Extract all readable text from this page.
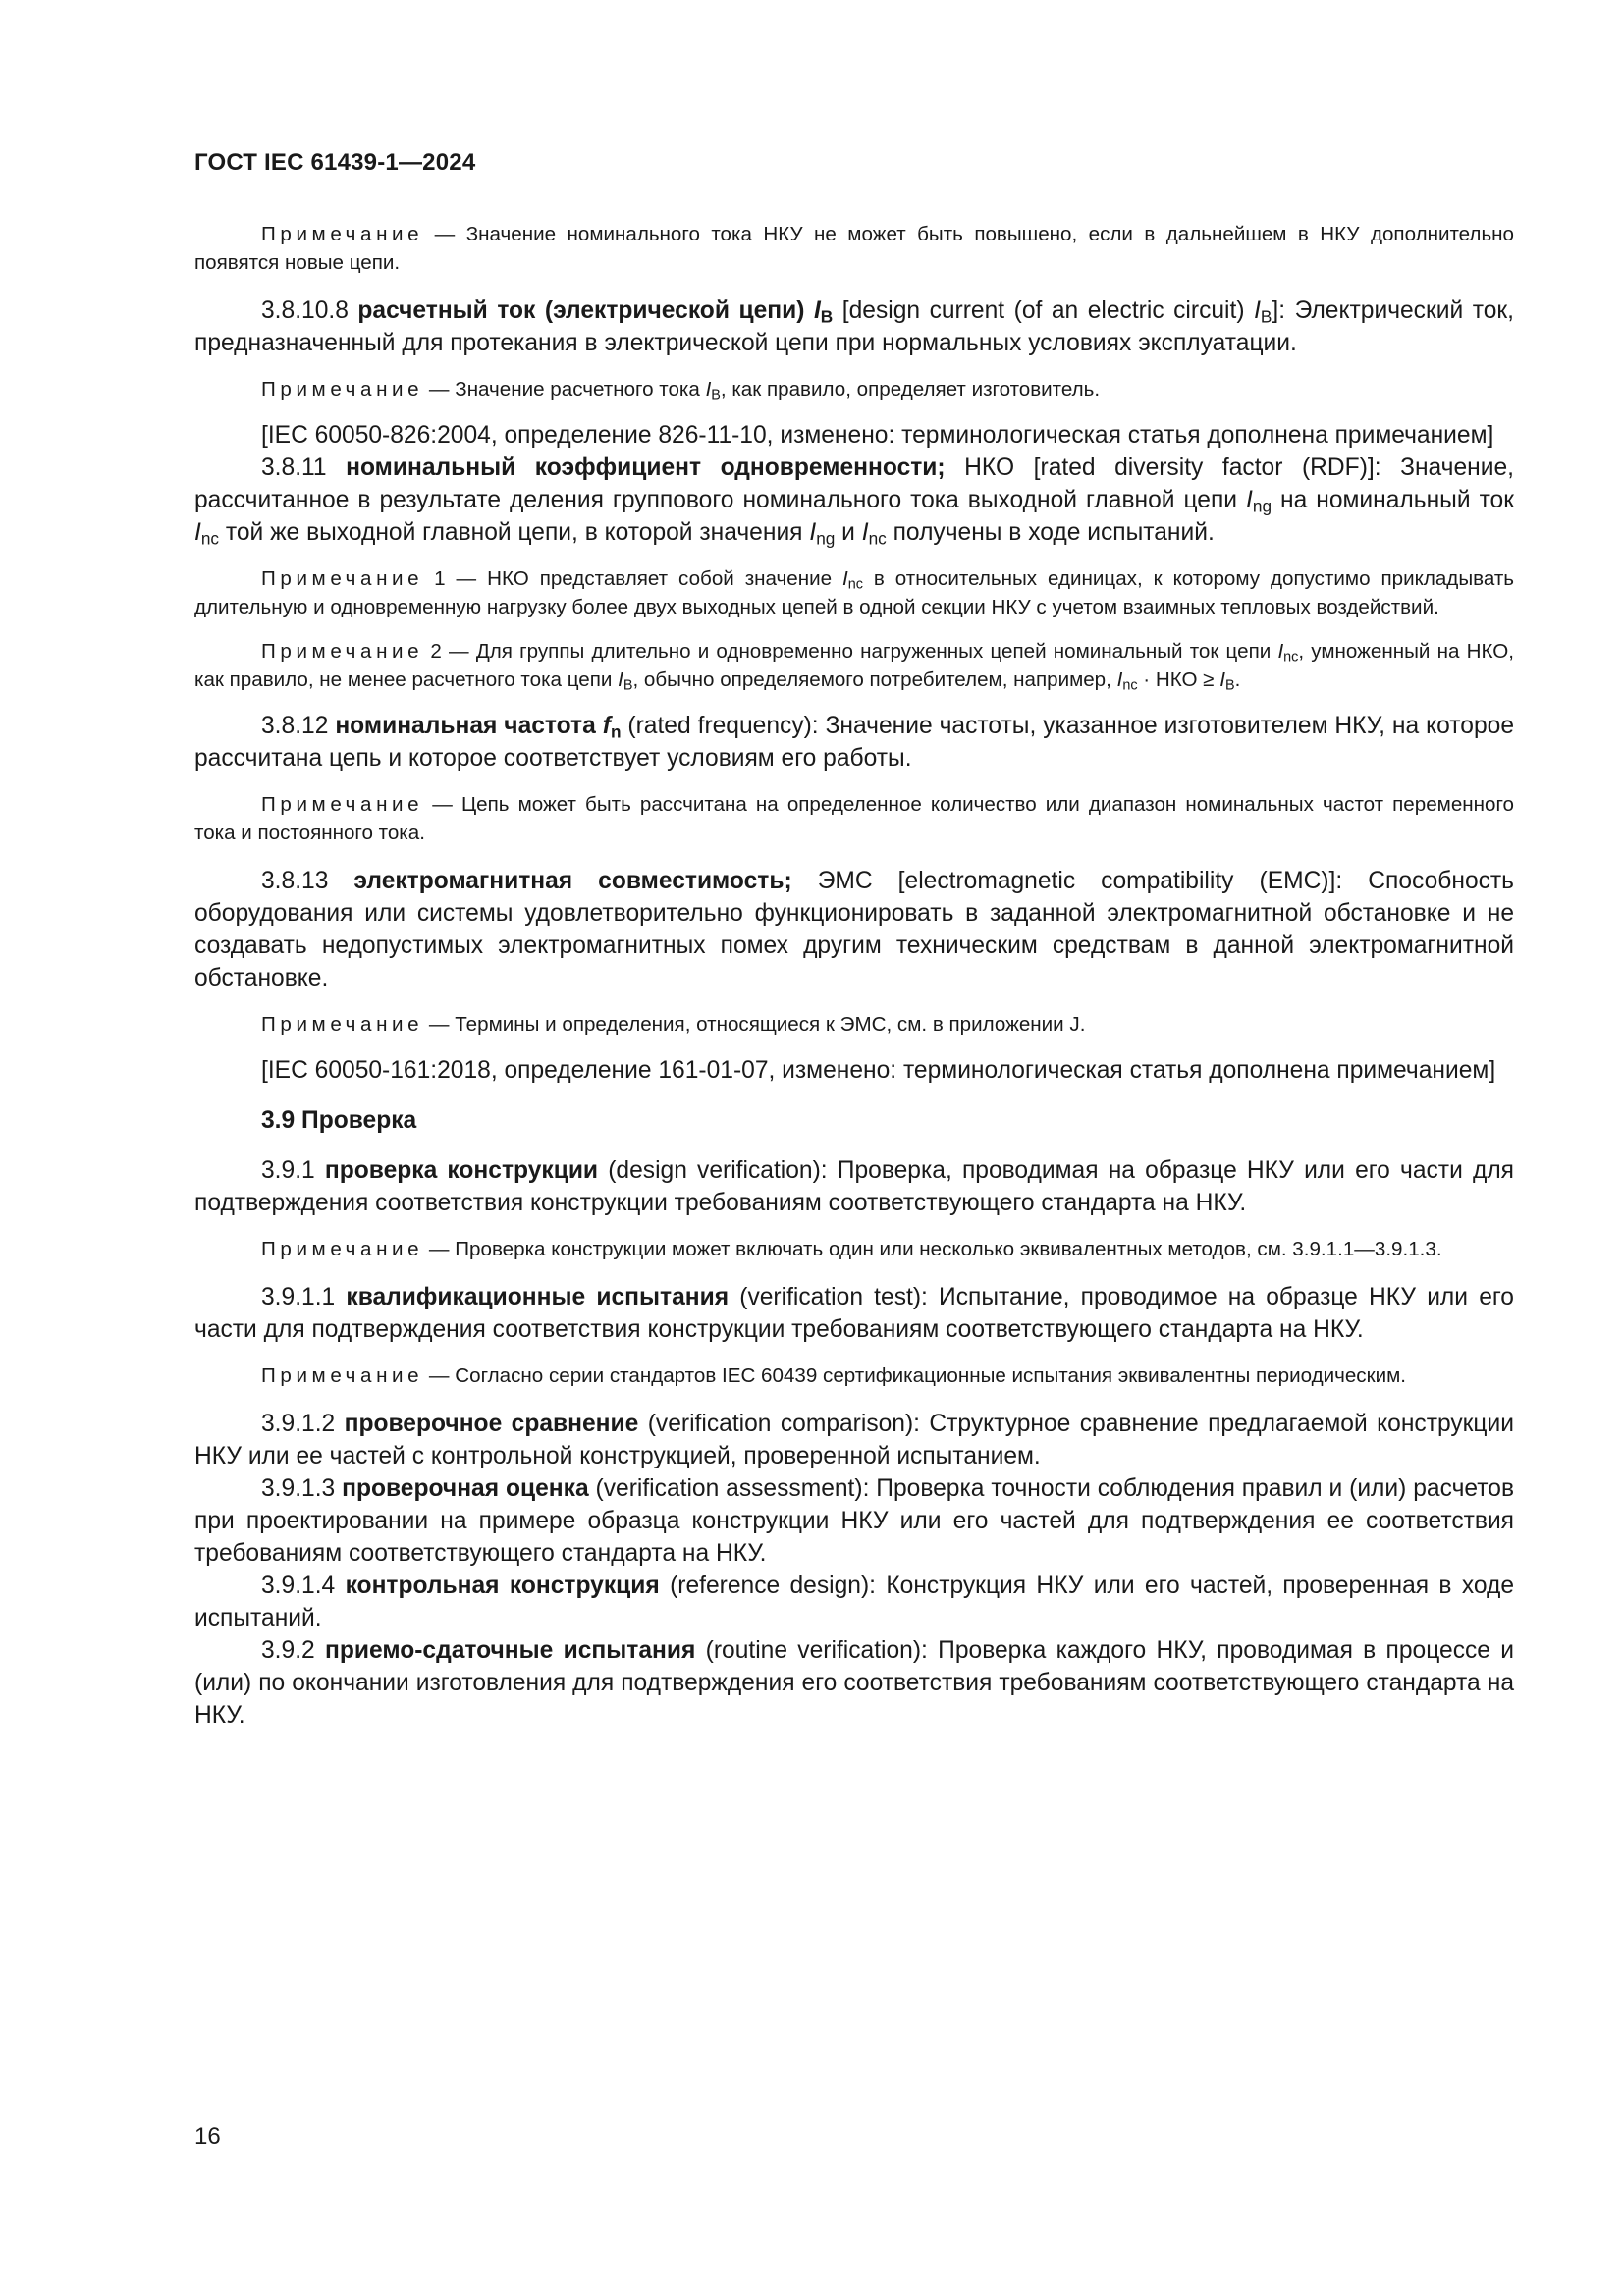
ГОСТ IEC 61439-1—2024

Примечание — Значение номинального тока НКУ не может быть повышено, если в дальнейшем в НКУ дополнительно появятся новые цепи.

3.8.10.8 расчетный ток (электрической цепи) $I_B$ [design current (of an electric circuit) $I_B$]: Электрический ток, предназначенный для протекания в электрической цепи при нормальных условиях эксплуатации.

Примечание — Значение расчетного тока $I_B$, как правило, определяет изготовитель.

[IEC 60050-826:2004, определение 826-11-10, изменено: терминологическая статья дополнена примечанием]

3.8.11 номинальный коэффициент одновременности; НКО [rated diversity factor (RDF)]: Значение, рассчитанное в результате деления группового номинального тока выходной главной цепи $I_{ng}$ на номинальный ток $I_{nc}$ той же выходной главной цепи, в которой значения $I_{ng}$ и $I_{nc}$ получены в ходе испытаний.

Примечание 1 — НКО представляет собой значение $I_{nc}$ в относительных единицах, к которому допустимо прикладывать длительную и одновременную нагрузку более двух выходных цепей в одной секции НКУ с учетом взаимных тепловых воздействий.

Примечание 2 — Для группы длительно и одновременно нагруженных цепей номинальный ток цепи $I_{nc}$, умноженный на НКО, как правило, не менее расчетного тока цепи $I_B$, обычно определяемого потребителем, например, $I_{nc}$ · НКО ≥ $I_B$.

3.8.12 номинальная частота $f_n$ (rated frequency): Значение частоты, указанное изготовителем НКУ, на которое рассчитана цепь и которое соответствует условиям его работы.

Примечание — Цепь может быть рассчитана на определенное количество или диапазон номинальных частот переменного тока и постоянного тока.

3.8.13 электромагнитная совместимость; ЭМС [electromagnetic compatibility (EMC)]: Способность оборудования или системы удовлетворительно функционировать в заданной электромагнитной обстановке и не создавать недопустимых электромагнитных помех другим техническим средствам в данной электромагнитной обстановке.

Примечание — Термины и определения, относящиеся к ЭМС, см. в приложении J.

[IEC 60050-161:2018, определение 161-01-07, изменено: терминологическая статья дополнена примечанием]

3.9 Проверка

3.9.1 проверка конструкции (design verification): Проверка, проводимая на образце НКУ или его части для подтверждения соответствия конструкции требованиям соответствующего стандарта на НКУ.

Примечание — Проверка конструкции может включать один или несколько эквивалентных методов, см. 3.9.1.1—3.9.1.3.

3.9.1.1 квалификационные испытания (verification test): Испытание, проводимое на образце НКУ или его части для подтверждения соответствия конструкции требованиям соответствующего стандарта на НКУ.

Примечание — Согласно серии стандартов IEC 60439 сертификационные испытания эквивалентны периодическим.

3.9.1.2 проверочное сравнение (verification comparison): Структурное сравнение предлагаемой конструкции НКУ или ее частей с контрольной конструкцией, проверенной испытанием.

3.9.1.3 проверочная оценка (verification assessment): Проверка точности соблюдения правил и (или) расчетов при проектировании на примере образца конструкции НКУ или его частей для подтверждения ее соответствия требованиям соответствующего стандарта на НКУ.

3.9.1.4 контрольная конструкция (reference design): Конструкция НКУ или его частей, проверенная в ходе испытаний.

3.9.2 приемо-сдаточные испытания (routine verification): Проверка каждого НКУ, проводимая в процессе и (или) по окончании изготовления для подтверждения его соответствия требованиям соответствующего стандарта на НКУ.

16
